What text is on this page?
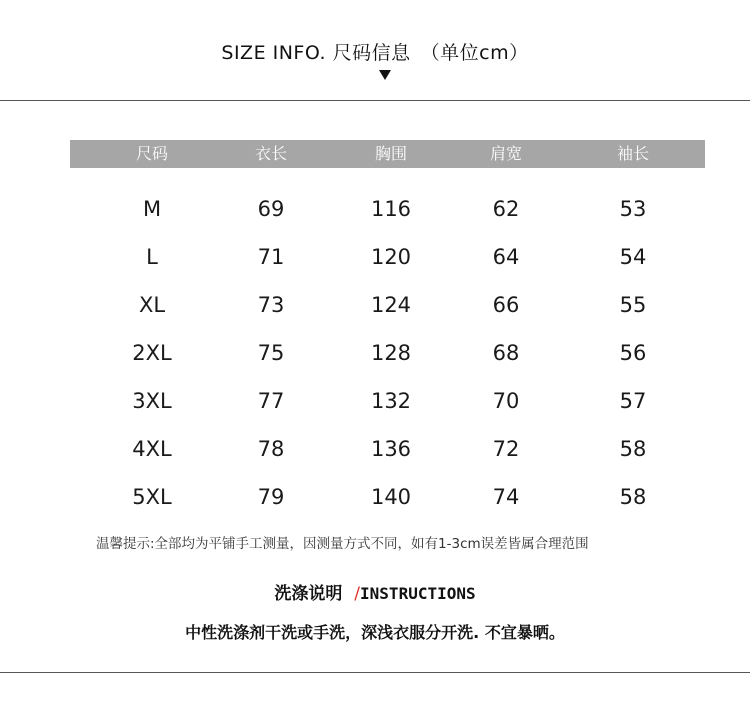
SIZE INFO. 尺码信息 （单位cm）
尺码	衣长	胸围	肩宽	袖长
M	69	116	62	53
L	71	120	64	54
XL	73	124	66	55
2XL	75	128	68	56
3XL	77	132	70	57
4XL	78	136	72	58
5XL	79	140	74	58
温馨提示:全部均为平铺手工测量，因测量方式不同，如有1-3cm误差皆属合理范围
洗涤说明 /INSTRUCTIONS
中性洗涤剂干洗或手洗，深浅衣服分开洗. 不宜暴晒。
